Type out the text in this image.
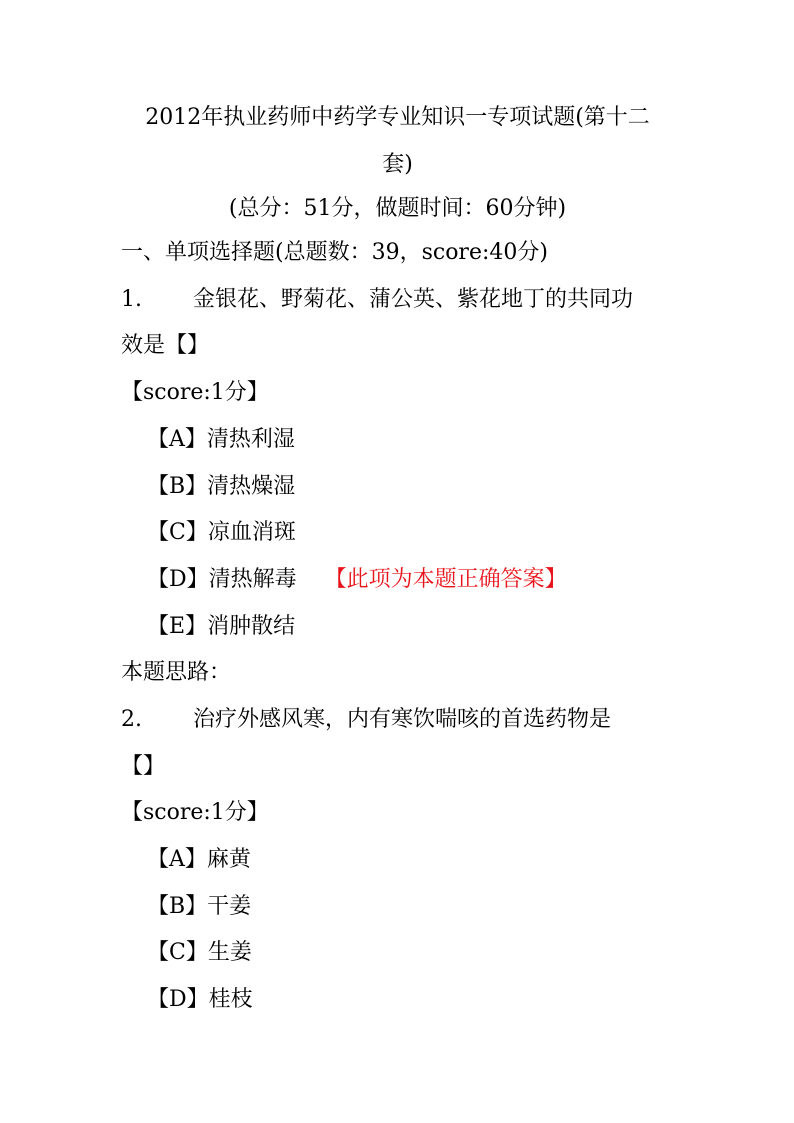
2012年执业药师中药学专业知识一专项试题(第十二
套)
(总分：51分，做题时间：60分钟)
一、单项选择题(总题数：39，score:40分)
1. 金银花、野菊花、蒲公英、紫花地丁的共同功
效是【】
【score:1分】
【A】清热利湿
【B】清热燥湿
【C】凉血消斑
【D】清热解毒 【此项为本题正确答案】
【E】消肿散结
本题思路：
2. 治疗外感风寒，内有寒饮喘咳的首选药物是
【】
【score:1分】
【A】麻黄
【B】干姜
【C】生姜
【D】桂枝
